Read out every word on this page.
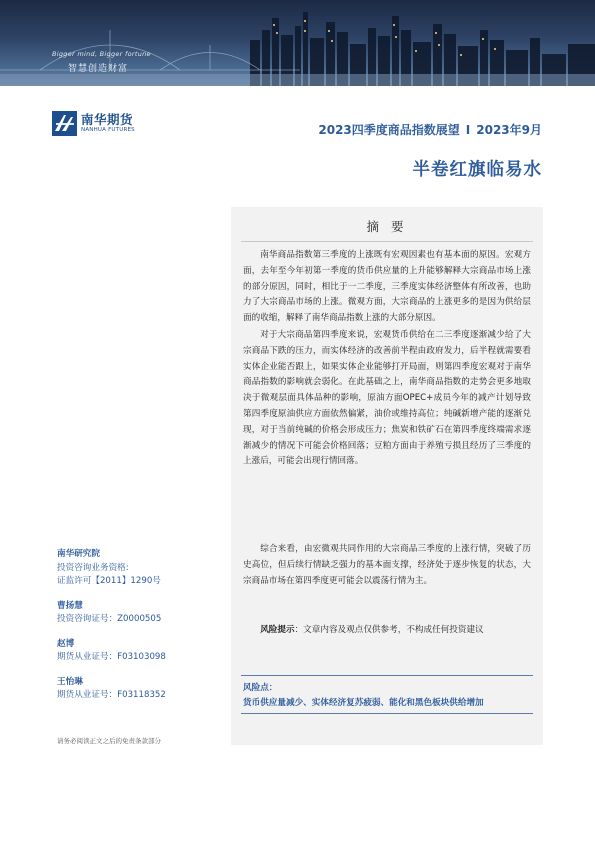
Bigger mind, Bigger fortune
智慧创造财富
南华期货
NANHUA FUTURES	2023四季度商品指数展望 I 2023年9月
半卷红旗临易水
摘 要

南华商品指数第三季度的上涨既有宏观因素也有基本面的原因。宏观方面，去年至今年初第一季度的货币供应量的上升能够解释大宗商品市场上涨的部分原因，同时，相比于一二季度，三季度实体经济整体有所改善，也助力了大宗商品市场的上涨。微观方面，大宗商品的上涨更多的是因为供给层面的收缩，解释了南华商品指数上涨的大部分原因。

对于大宗商品第四季度来说，宏观货币供给在二三季度逐渐减少给了大宗商品下跌的压力，而实体经济的改善前半程由政府发力，后半程就需要看实体企业能否跟上，如果实体企业能够打开局面，则第四季度宏观对于南华商品指数的影响就会弱化。在此基础之上，南华商品指数的走势会更多地取决于微观层面具体品种的影响，原油方面OPEC+成员今年的减产计划导致第四季度原油供应方面依然偏紧，油价或维持高位；纯碱新增产能的逐渐兑现，对于当前纯碱的价格会形成压力；焦炭和铁矿石在第四季度终端需求逐渐减少的情况下可能会价格回落；豆粕方面由于养殖亏损且经历了三季度的上涨后，可能会出现行情回落。

综合来看，由宏微观共同作用的大宗商品三季度的上涨行情，突破了历史高位，但后续行情缺乏强力的基本面支撑，经济处于逐步恢复的状态，大宗商品市场在第四季度更可能会以震荡行情为主。

风险提示：文章内容及观点仅供参考，不构成任何投资建议
风险点：
货币供应量减少、实体经济复苏疲弱、能化和黑色板块供给增加
南华研究院
投资咨询业务资格:
证监许可【2011】1290号
曹扬慧
投资咨询证号：Z0000505
赵博
期货从业证号：F03103098
王怡琳
期货从业证号：F03118352
请务必阅读正文之后的免责条款部分
